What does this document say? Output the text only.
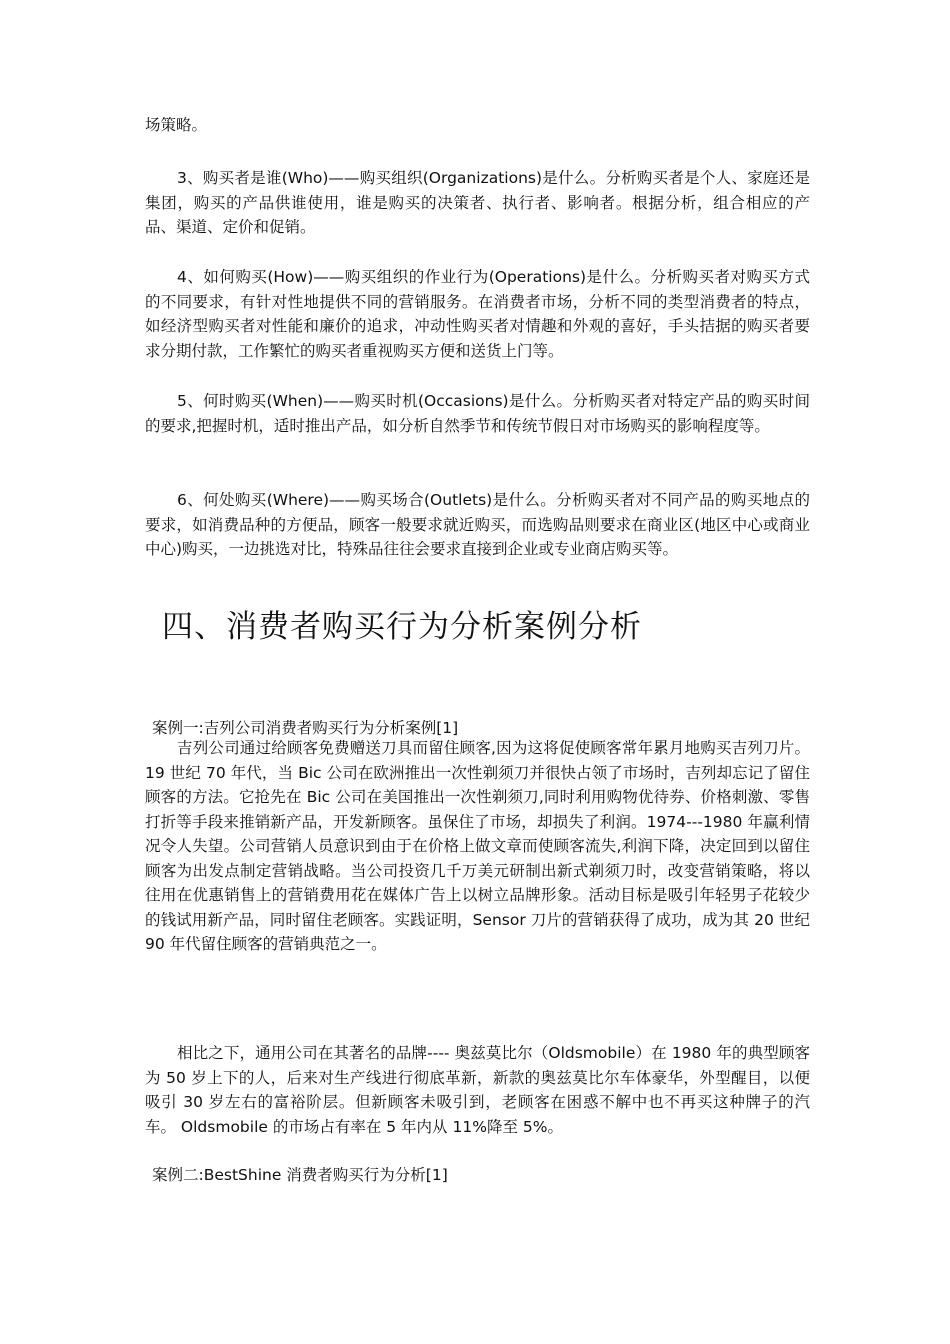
场策略。

3、购买者是谁(Who)——购买组织(Organizations)是什么。分析购买者是个人、家庭还是集团，购买的产品供谁使用，谁是购买的决策者、执行者、影响者。根据分析，组合相应的产品、渠道、定价和促销。

4、如何购买(How)——购买组织的作业行为(Operations)是什么。分析购买者对购买方式的不同要求，有针对性地提供不同的营销服务。在消费者市场，分析不同的类型消费者的特点，如经济型购买者对性能和廉价的追求，冲动性购买者对情趣和外观的喜好，手头拮据的购买者要求分期付款，工作繁忙的购买者重视购买方便和送货上门等。

5、何时购买(When)——购买时机(Occasions)是什么。分析购买者对特定产品的购买时间的要求,把握时机，适时推出产品，如分析自然季节和传统节假日对市场购买的影响程度等。

6、何处购买(Where)——购买场合(Outlets)是什么。分析购买者对不同产品的购买地点的要求，如消费品种的方便品，顾客一般要求就近购买，而选购品则要求在商业区(地区中心或商业中心)购买，一边挑选对比，特殊品往往会要求直接到企业或专业商店购买等。

四、消费者购买行为分析案例分析

案例一:吉列公司消费者购买行为分析案例[1]

吉列公司通过给顾客免费赠送刀具而留住顾客,因为这将促使顾客常年累月地购买吉列刀片。19 世纪 70 年代，当 Bic 公司在欧洲推出一次性剃须刀并很快占领了市场时，吉列却忘记了留住顾客的方法。它抢先在 Bic 公司在美国推出一次性剃须刀,同时利用购物优待券、价格刺激、零售打折等手段来推销新产品，开发新顾客。虽保住了市场，却损失了利润。1974---1980 年赢利情况令人失望。公司营销人员意识到由于在价格上做文章而使顾客流失,利润下降，决定回到以留住顾客为出发点制定营销战略。当公司投资几千万美元研制出新式剃须刀时，改变营销策略，将以往用在优惠销售上的营销费用花在媒体广告上以树立品牌形象。活动目标是吸引年轻男子花较少的钱试用新产品，同时留住老顾客。实践证明，Sensor 刀片的营销获得了成功，成为其 20 世纪 90 年代留住顾客的营销典范之一。

相比之下，通用公司在其著名的品牌---- 奥兹莫比尔（Oldsmobile）在 1980 年的典型顾客为 50 岁上下的人，后来对生产线进行彻底革新，新款的奥兹莫比尔车体豪华，外型醒目，以便吸引 30 岁左右的富裕阶层。但新顾客未吸引到，老顾客在困惑不解中也不再买这种牌子的汽车。 Oldsmobile 的市场占有率在 5 年内从 11%降至 5%。

案例二:BestShine 消费者购买行为分析[1]
